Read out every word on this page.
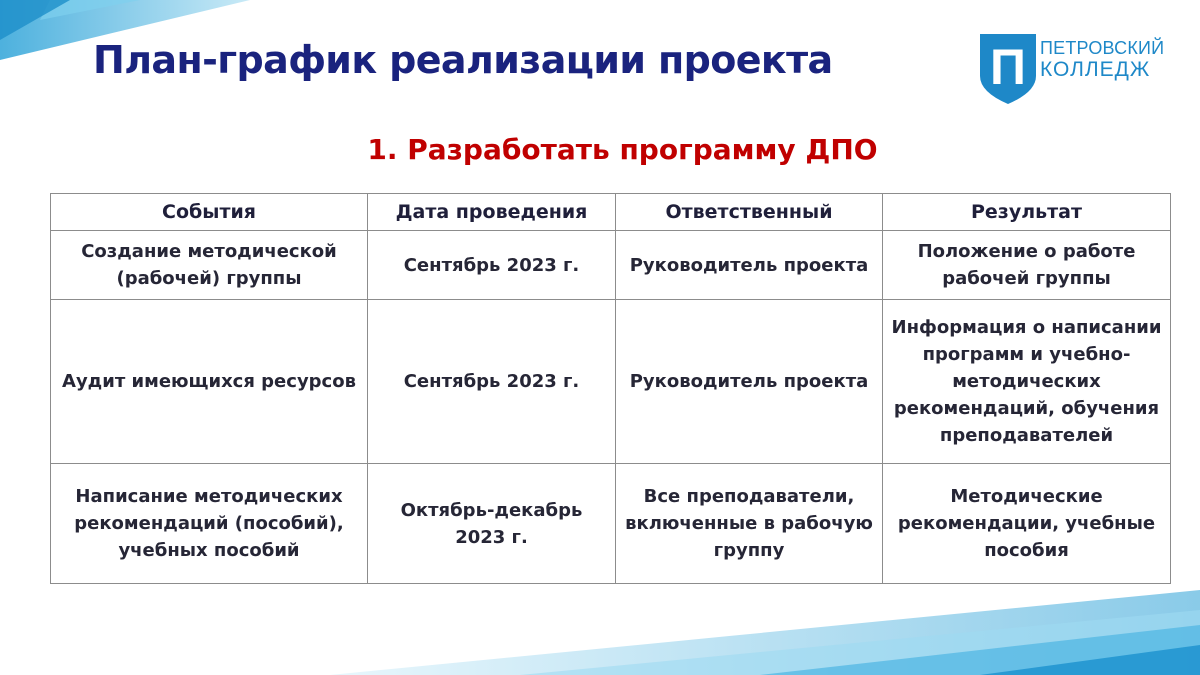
План-график реализации проекта	П ПЕТРОВСКИЙ
КОЛЛЕДЖ
1. Разработать программу ДПО
События	Дата проведения	Ответственный	Результат
Создание методической (рабочей) группы	Сентябрь 2023 г.	Руководитель проекта	Положение о работе рабочей группы
Аудит имеющихся ресурсов	Сентябрь 2023 г.	Руководитель проекта	Информация о написании программ и учебно-методических рекомендаций, обучения преподавателей
Написание методических рекомендаций (пособий), учебных пособий	Октябрь-декабрь 2023 г.	Все преподаватели, включенные в рабочую группу	Методические рекомендации, учебные пособия
